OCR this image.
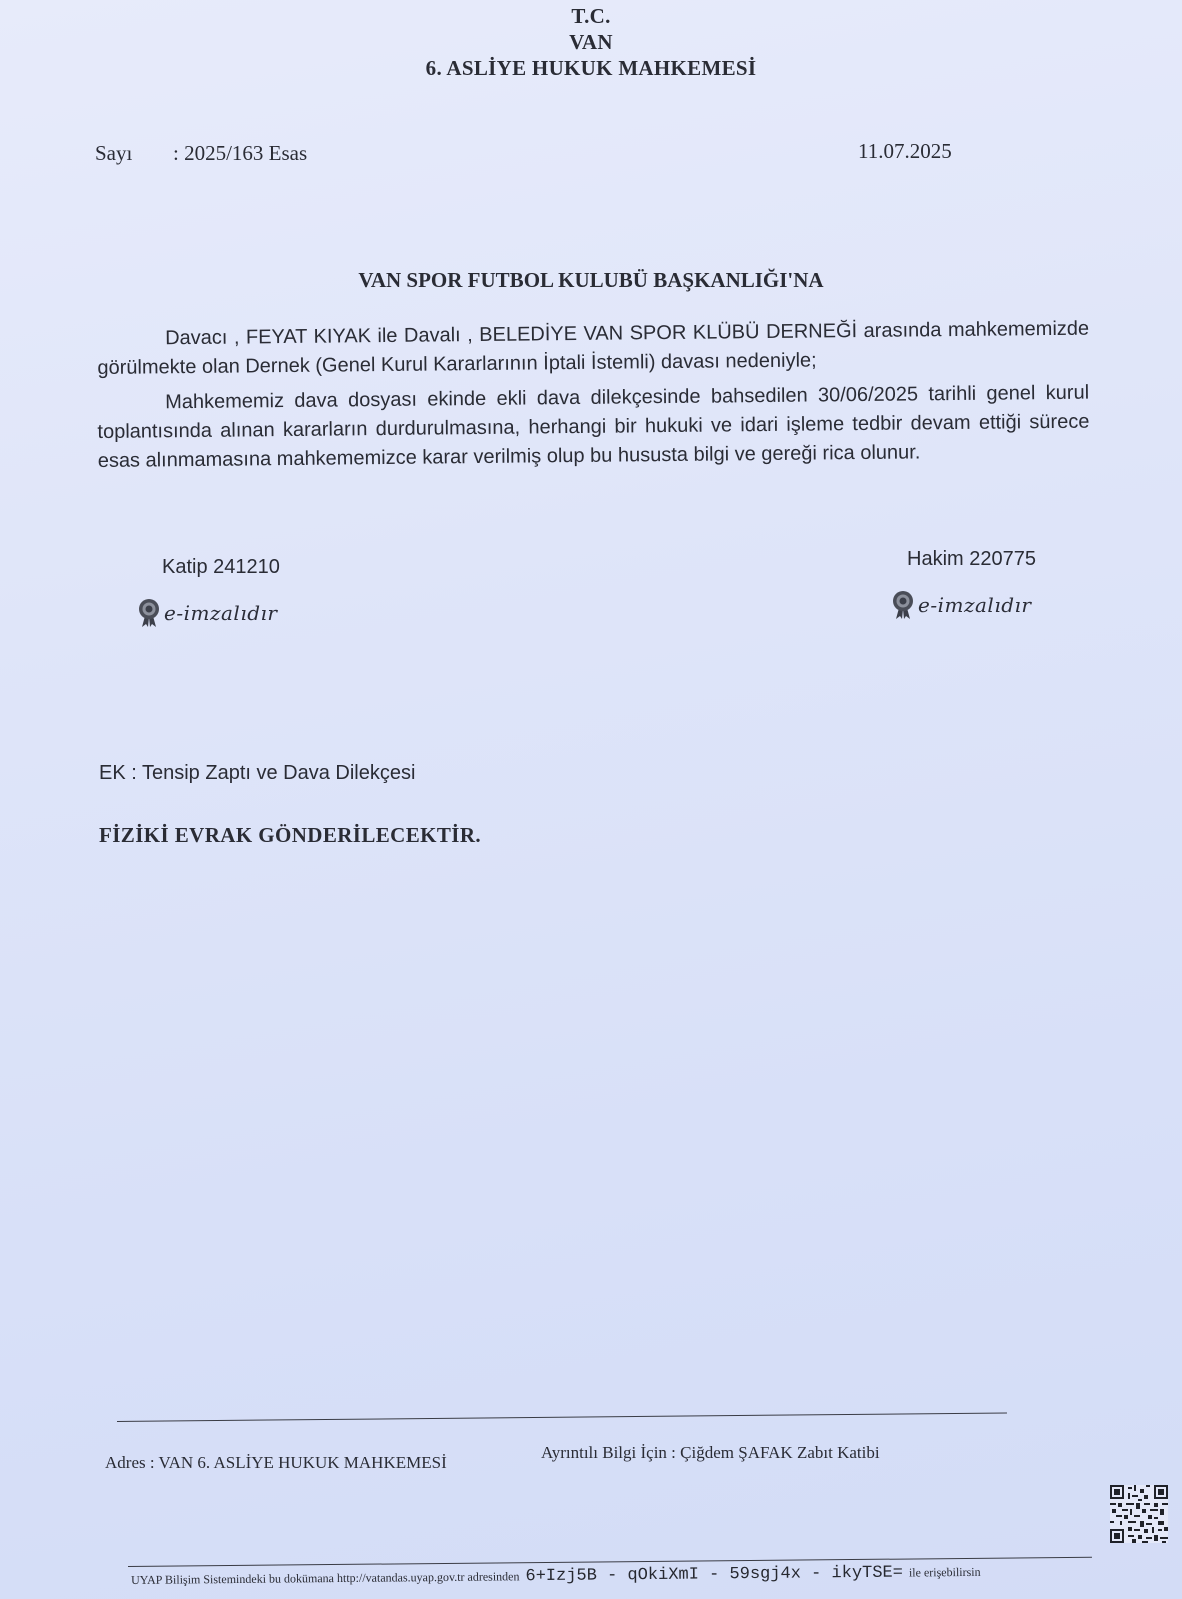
T.C.
VAN
6. ASLİYE HUKUK MAHKEMESİ
Sayı : 2025/163 Esas	11.07.2025
VAN SPOR FUTBOL KULUBÜ BAŞKANLIĞI'NA

Davacı , FEYAT KIYAK ile Davalı , BELEDİYE VAN SPOR KLÜBÜ DERNEĞİ arasında mahkememizde görülmekte olan Dernek (Genel Kurul Kararlarının İptali İstemli) davası nedeniyle;

Mahkememiz dava dosyası ekinde ekli dava dilekçesinde bahsedilen 30/06/2025 tarihli genel kurul toplantısında alınan kararların durdurulmasına, herhangi bir hukuki ve idari işleme tedbir devam ettiği sürece esas alınmamasına mahkememizce karar verilmiş olup bu hususta bilgi ve gereği rica olunur.

Katip 241210
e-imzalıdır
Hakim 220775
e-imzalıdır
EK : Tensip Zaptı ve Dava Dilekçesi
FİZİKİ EVRAK GÖNDERİLECEKTİR.
Adres : VAN 6. ASLİYE HUKUK MAHKEMESİ
Ayrıntılı Bilgi İçin : Çiğdem ŞAFAK Zabıt Katibi
UYAP Bilişim Sistemindeki bu dokümana http://vatandas.uyap.gov.tr adresinden 6+Izj5B - qOkiXmI - 59sgj4x - ikyTSE= ile erişebilirsin
